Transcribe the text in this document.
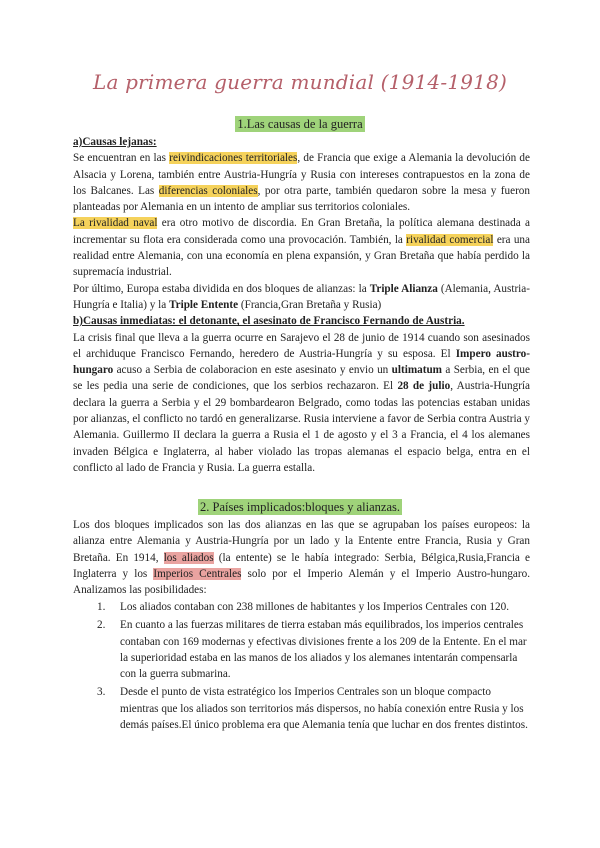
La primera guerra mundial (1914-1918)
1.Las causas de la guerra

a)Causas lejanas:

Se encuentran en las reivindicaciones territoriales, de Francia que exige a Alemania la devolución de Alsacia y Lorena, también entre Austria-Hungría y Rusia con intereses contrapuestos en la zona de los Balcanes. Las diferencias coloniales, por otra parte, también quedaron sobre la mesa y fueron planteadas por Alemania en un intento de ampliar sus territorios coloniales.

La rivalidad naval era otro motivo de discordia. En Gran Bretaña, la política alemana destinada a incrementar su flota era considerada como una provocación. También, la rivalidad comercial era una realidad entre Alemania, con una economía en plena expansión, y Gran Bretaña que había perdido la supremacía industrial.

Por último, Europa estaba dividida en dos bloques de alianzas: la Triple Alianza (Alemania, Austria-Hungría e Italia) y la Triple Entente (Francia,Gran Bretaña y Rusia)

b)Causas inmediatas: el detonante, el asesinato de Francisco Fernando de Austria.

La crisis final que lleva a la guerra ocurre en Sarajevo el 28 de junio de 1914 cuando son asesinados el archiduque Francisco Fernando, heredero de Austria-Hungría y su esposa. El Impero austro-hungaro acuso a Serbia de colaboracion en este asesinato y envio un ultimatum a Serbia, en el que se les pedia una serie de condiciones, que los serbios rechazaron. El 28 de julio, Austria-Hungría declara la guerra a Serbia y el 29 bombardearon Belgrado, como todas las potencias estaban unidas por alianzas, el conflicto no tardó en generalizarse. Rusia interviene a favor de Serbia contra Austria y Alemania. Guillermo II declara la guerra a Rusia el 1 de agosto y el 3 a Francia, el 4 los alemanes invaden Bélgica e Inglaterra, al haber violado las tropas alemanas el espacio belga, entra en el conflicto al lado de Francia y Rusia. La guerra estalla.

2. Países implicados:bloques y alianzas.

Los dos bloques implicados son las dos alianzas en las que se agrupaban los países europeos: la alianza entre Alemania y Austria-Hungría por un lado y la Entente entre Francia, Rusia y Gran Bretaña. En 1914, los aliados (la entente) se le había integrado: Serbia, Bélgica,Rusia,Francia e Inglaterra y los Imperios Centrales solo por el Imperio Alemán y el Imperio Austro-hungaro. Analizamos las posibilidades:

1. Los aliados contaban con 238 millones de habitantes y los Imperios Centrales con 120.
2. En cuanto a las fuerzas militares de tierra estaban más equilibrados, los imperios centrales contaban con 169 modernas y efectivas divisiones frente a los 209 de la Entente. En el mar la superioridad estaba en las manos de los aliados y los alemanes intentarán compensarla con la guerra submarina.
3. Desde el punto de vista estratégico los Imperios Centrales son un bloque compacto mientras que los aliados son territorios más dispersos, no había conexión entre Rusia y los demás países.El único problema era que Alemania tenía que luchar en dos frentes distintos.
